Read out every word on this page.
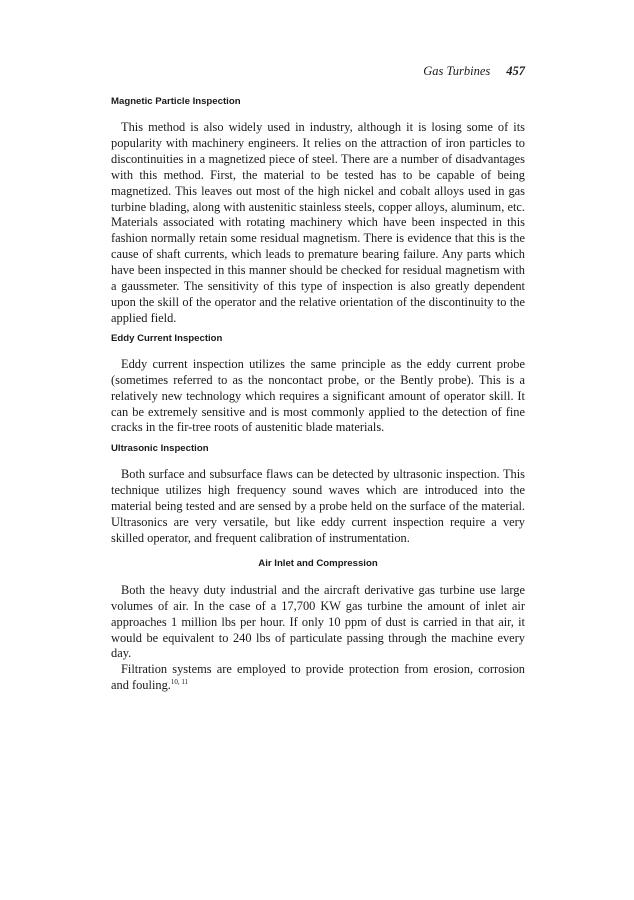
Gas Turbines 457
Magnetic Particle Inspection

This method is also widely used in industry, although it is losing some of its popularity with machinery engineers. It relies on the attraction of iron particles to discontinuities in a magnetized piece of steel. There are a number of disadvantages with this method. First, the material to be tested has to be capable of being magnetized. This leaves out most of the high nickel and cobalt alloys used in gas turbine blading, along with austenitic stainless steels, copper alloys, aluminum, etc. Materials associated with rotating machinery which have been inspected in this fashion normally retain some residual magnetism. There is evidence that this is the cause of shaft currents, which leads to premature bearing failure. Any parts which have been inspected in this manner should be checked for residual magnetism with a gaussmeter. The sensitivity of this type of inspection is also greatly dependent upon the skill of the operator and the relative orientation of the discontinuity to the applied field.

Eddy Current Inspection

Eddy current inspection utilizes the same principle as the eddy current probe (sometimes referred to as the noncontact probe, or the Bently probe). This is a relatively new technology which requires a significant amount of operator skill. It can be extremely sensitive and is most commonly applied to the detection of fine cracks in the fir-tree roots of austenitic blade materials.

Ultrasonic Inspection

Both surface and subsurface flaws can be detected by ultrasonic inspection. This technique utilizes high frequency sound waves which are introduced into the material being tested and are sensed by a probe held on the surface of the material. Ultrasonics are very versatile, but like eddy current inspection require a very skilled operator, and frequent calibration of instrumentation.

Air Inlet and Compression

Both the heavy duty industrial and the aircraft derivative gas turbine use large volumes of air. In the case of a 17,700 KW gas turbine the amount of inlet air approaches 1 million lbs per hour. If only 10 ppm of dust is carried in that air, it would be equivalent to 240 lbs of particulate passing through the machine every day.

Filtration systems are employed to provide protection from erosion, corrosion and fouling.$^{10, 11}$
